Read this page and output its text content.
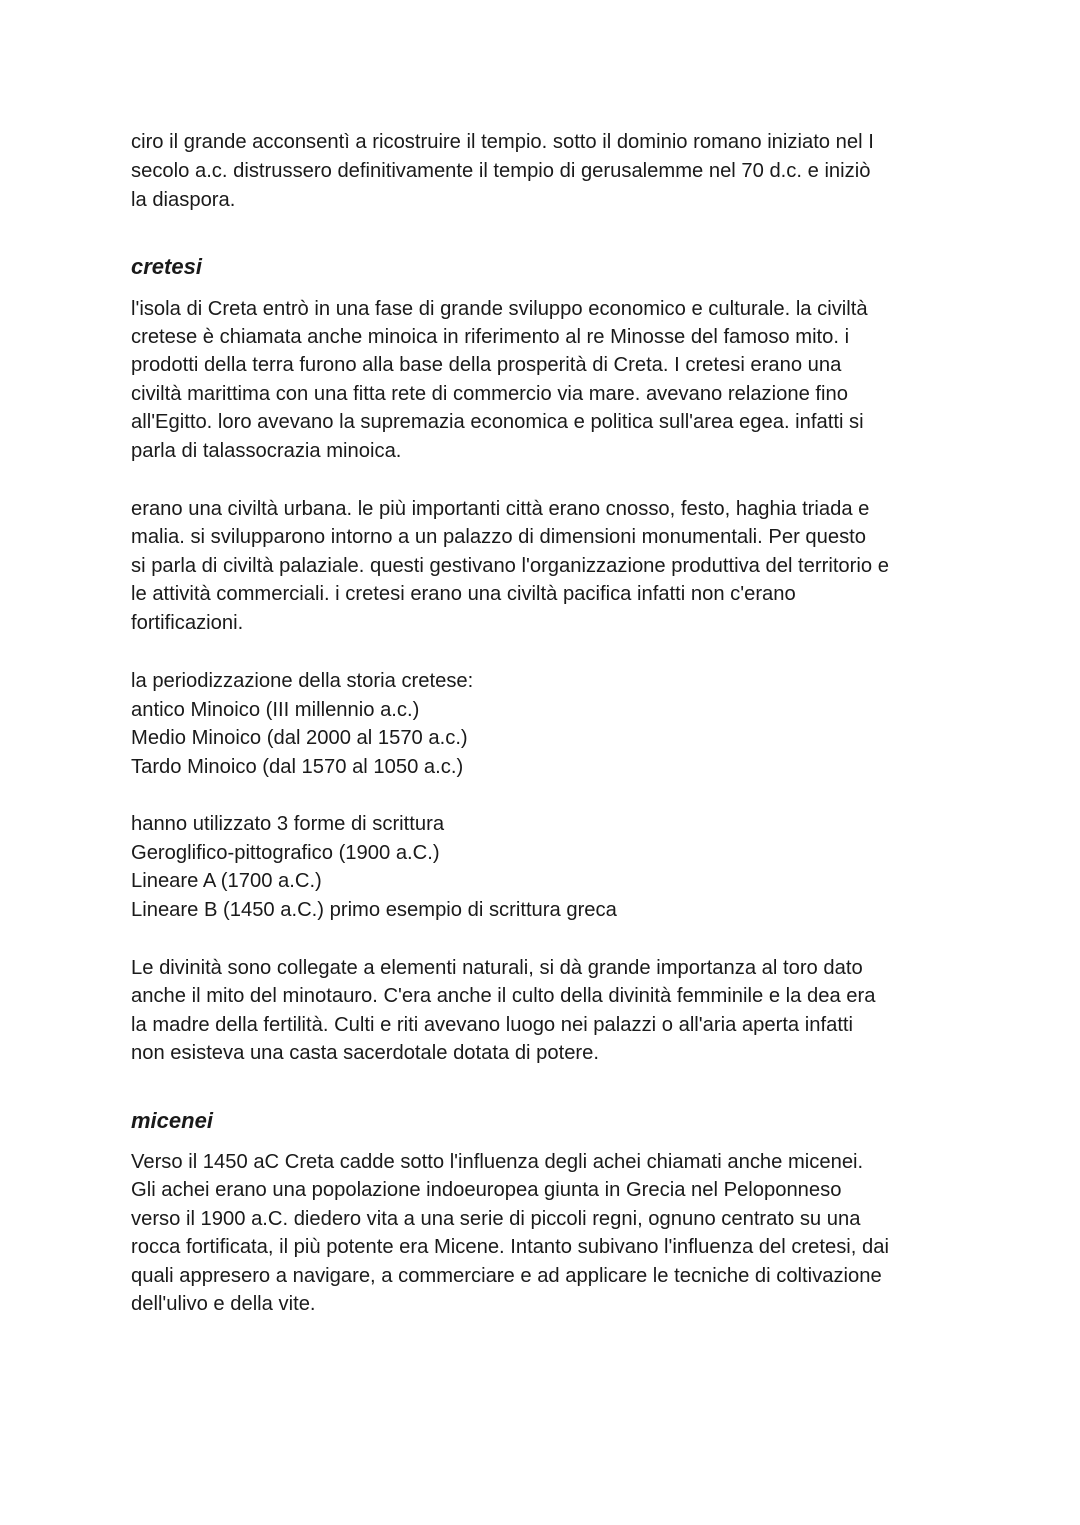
ciro il grande acconsentì a ricostruire il tempio. sotto il dominio romano iniziato nel I
secolo a.c. distrussero definitivamente il tempio di gerusalemme nel 70 d.c. e iniziò
la diaspora.
cretesi
l'isola di Creta entrò in una fase di grande sviluppo economico e culturale. la civiltà
cretese è chiamata anche minoica in riferimento al re Minosse del famoso mito. i
prodotti della terra furono alla base della prosperità di Creta. I cretesi erano una
civiltà marittima con una fitta rete di commercio via mare. avevano relazione fino
all'Egitto. loro avevano la supremazia economica e politica sull'area egea. infatti si
parla di talassocrazia minoica.
erano una civiltà urbana. le più importanti città erano cnosso, festo, haghia triada e
malia. si svilupparono intorno a un palazzo di dimensioni monumentali. Per questo
si parla di civiltà palaziale. questi gestivano l'organizzazione produttiva del territorio e
le attività commerciali. i cretesi erano una civiltà pacifica infatti non c'erano
fortificazioni.
la periodizzazione della storia cretese:
antico Minoico (III millennio a.c.)
Medio Minoico (dal 2000 al 1570 a.c.)
Tardo Minoico (dal 1570 al 1050 a.c.)
hanno utilizzato 3 forme di scrittura
Geroglifico-pittografico (1900 a.C.)
Lineare A (1700 a.C.)
Lineare B (1450 a.C.) primo esempio di scrittura greca
Le divinità sono collegate a elementi naturali, si dà grande importanza al toro dato
anche il mito del minotauro. C'era anche il culto della divinità femminile e la dea era
la madre della fertilità. Culti e riti avevano luogo nei palazzi o all'aria aperta infatti
non esisteva una casta sacerdotale dotata di potere.
micenei
Verso il 1450 aC Creta cadde sotto l'influenza degli achei chiamati anche micenei.
Gli achei erano una popolazione indoeuropea giunta in Grecia nel Peloponneso
verso il 1900 a.C. diedero vita a una serie di piccoli regni, ognuno centrato su una
rocca fortificata, il più potente era Micene. Intanto subivano l'influenza del cretesi, dai
quali appresero a navigare, a commerciare e ad applicare le tecniche di coltivazione
dell'ulivo e della vite.
